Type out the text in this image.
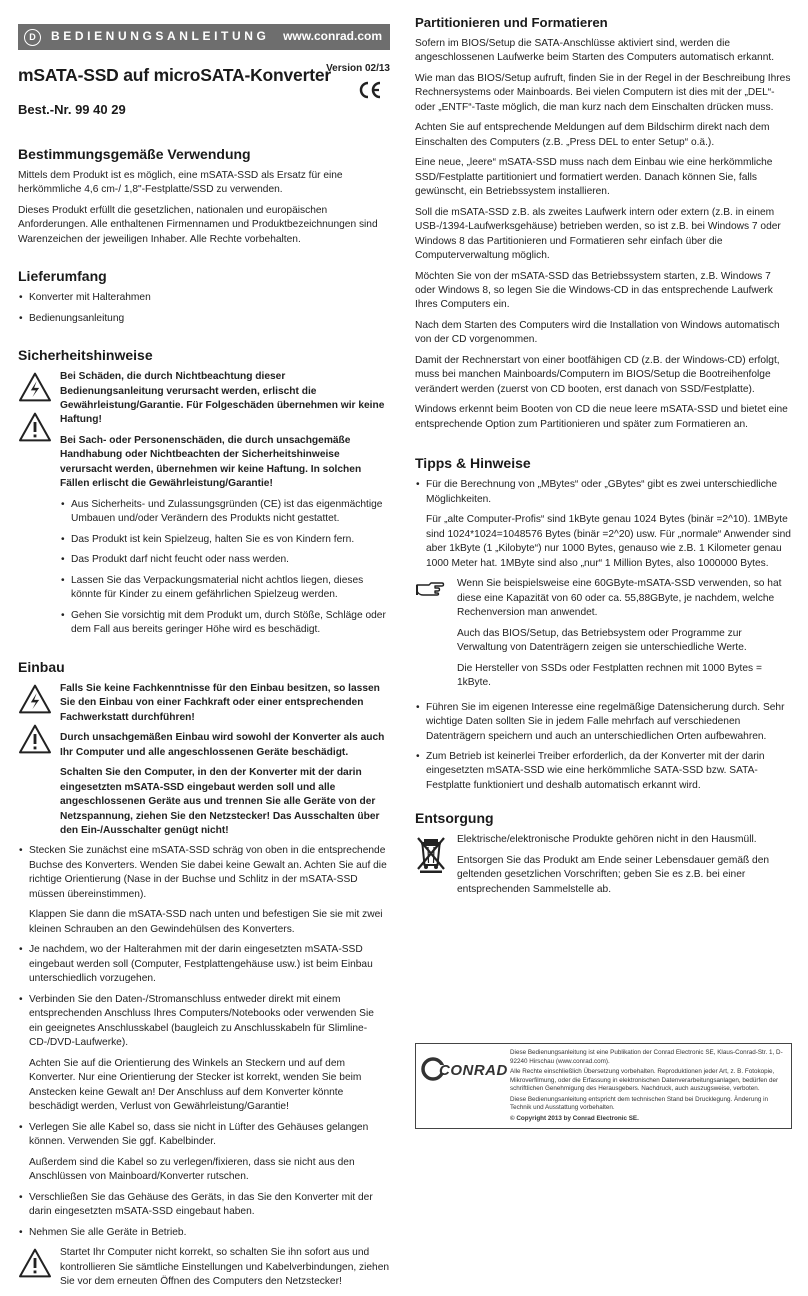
D	BEDIENUNGSANLEITUNG	www.conrad.com
mSATA-SSD auf microSATA-Konverter
Best.-Nr. 99 40 29
Version 02/13
Bestimmungsgemäße Verwendung

Mittels dem Produkt ist es möglich, eine mSATA-SSD als Ersatz für eine herkömmliche 4,6 cm-/ 1,8"-Festplatte/SSD zu verwenden.

Dieses Produkt erfüllt die gesetzlichen, nationalen und europäischen Anforderungen. Alle enthaltenen Firmennamen und Produktbezeichnungen sind Warenzeichen der jeweiligen Inhaber. Alle Rechte vorbehalten.

Lieferumfang
• Konverter mit Halterahmen
• Bedienungsanleitung
Sicherheitshinweise

Bei Schäden, die durch Nichtbeachtung dieser Bedienungsanleitung verursacht werden, erlischt die Gewährleistung/Garantie. Für Folgeschäden übernehmen wir keine Haftung!

Bei Sach- oder Personenschäden, die durch unsachgemäße Handhabung oder Nichtbeachten der Sicherheitshinweise verursacht werden, übernehmen wir keine Haftung. In solchen Fällen erlischt die Gewährleistung/Garantie!

• Aus Sicherheits- und Zulassungsgründen (CE) ist das eigenmächtige Umbauen und/oder Verändern des Produkts nicht gestattet.
• Das Produkt ist kein Spielzeug, halten Sie es von Kindern fern.
• Das Produkt darf nicht feucht oder nass werden.
• Lassen Sie das Verpackungsmaterial nicht achtlos liegen, dieses könnte für Kinder zu einem gefährlichen Spielzeug werden.
• Gehen Sie vorsichtig mit dem Produkt um, durch Stöße, Schläge oder dem Fall aus bereits geringer Höhe wird es beschädigt.
Einbau

Falls Sie keine Fachkenntnisse für den Einbau besitzen, so lassen Sie den Einbau von einer Fachkraft oder einer entsprechenden Fachwerkstatt durchführen!

Durch unsachgemäßen Einbau wird sowohl der Konverter als auch Ihr Computer und alle angeschlossenen Geräte beschädigt.

Schalten Sie den Computer, in den der Konverter mit der darin eingesetzten mSATA-SSD eingebaut werden soll und alle angeschlossenen Geräte aus und trennen Sie alle Geräte von der Netzspannung, ziehen Sie den Netzstecker! Das Ausschalten über den Ein-/Ausschalter genügt nicht!

• Stecken Sie zunächst eine mSATA-SSD schräg von oben in die entsprechende Buchse des Konverters. Wenden Sie dabei keine Gewalt an. Achten Sie auf die richtige Orientierung (Nase in der Buchse und Schlitz in der mSATA-SSD müssen übereinstimmen).
Klappen Sie dann die mSATA-SSD nach unten und befestigen Sie sie mit zwei kleinen Schrauben an den Gewindehülsen des Konverters.
• Je nachdem, wo der Halterahmen mit der darin eingesetzten mSATA-SSD eingebaut werden soll (Computer, Festplattengehäuse usw.) ist beim Einbau unterschiedlich vorzugehen.
• Verbinden Sie den Daten-/Stromanschluss entweder direkt mit einem entsprechenden Anschluss Ihres Computers/Notebooks oder verwenden Sie ein geeignetes Anschlusskabel (baugleich zu Anschlusskabeln für Slimline-CD-/DVD-Laufwerke).
Achten Sie auf die Orientierung des Winkels an Steckern und auf dem Konverter. Nur eine Orientierung der Stecker ist korrekt, wenden Sie beim Anstecken keine Gewalt an! Der Anschluss auf dem Konverter könnte beschädigt werden, Verlust von Gewährleistung/Garantie!
• Verlegen Sie alle Kabel so, dass sie nicht in Lüfter des Gehäuses gelangen können. Verwenden Sie ggf. Kabelbinder.
Außerdem sind die Kabel so zu verlegen/fixieren, dass sie nicht aus den Anschlüssen von Mainboard/Konverter rutschen.
• Verschließen Sie das Gehäuse des Geräts, in das Sie den Konverter mit der darin eingesetzten mSATA-SSD eingebaut haben.
• Nehmen Sie alle Geräte in Betrieb.

Startet Ihr Computer nicht korrekt, so schalten Sie ihn sofort aus und kontrollieren Sie sämtliche Einstellungen und Kabelverbindungen, ziehen Sie vor dem erneuten Öffnen des Computers den Netzstecker!

Partitionieren und Formatieren

Sofern im BIOS/Setup die SATA-Anschlüsse aktiviert sind, werden die angeschlossenen Laufwerke beim Starten des Computers automatisch erkannt.

Wie man das BIOS/Setup aufruft, finden Sie in der Regel in der Beschreibung Ihres Rechnersystems oder Mainboards. Bei vielen Computern ist dies mit der „DEL“- oder „ENTF“-Taste möglich, die man kurz nach dem Einschalten drücken muss.

Achten Sie auf entsprechende Meldungen auf dem Bildschirm direkt nach dem Einschalten des Computers (z.B. „Press DEL to enter Setup“ o.ä.).

Eine neue, „leere“ mSATA-SSD muss nach dem Einbau wie eine herkömmliche SSD/Festplatte partitioniert und formatiert werden. Danach können Sie, falls gewünscht, ein Betriebssystem installieren.

Soll die mSATA-SSD z.B. als zweites Laufwerk intern oder extern (z.B. in einem USB-/1394-Laufwerksgehäuse) betrieben werden, so ist z.B. bei Windows 7 oder Windows 8 das Partitionieren und Formatieren sehr einfach über die Computerverwaltung möglich.

Möchten Sie von der mSATA-SSD das Betriebssystem starten, z.B. Windows 7 oder Windows 8, so legen Sie die Windows-CD in das entsprechende Laufwerk Ihres Computers ein.

Nach dem Starten des Computers wird die Installation von Windows automatisch von der CD vorgenommen.

Damit der Rechnerstart von einer bootfähigen CD (z.B. der Windows-CD) erfolgt, muss bei manchen Mainboards/Computern im BIOS/Setup die Bootreihenfolge verändert werden (zuerst von CD booten, erst danach von SSD/Festplatte).

Windows erkennt beim Booten von CD die neue leere mSATA-SSD und bietet eine entsprechende Option zum Partitionieren und später zum Formatieren an.

Tipps & Hinweise
• Für die Berechnung von „MBytes“ oder „GBytes“ gibt es zwei unterschiedliche Möglichkeiten.
Für „alte Computer-Profis“ sind 1kByte genau 1024 Bytes (binär =2^10). 1MByte sind 1024*1024=1048576 Bytes (binär =2^20) usw. Für „normale“ Anwender sind aber 1kByte (1 „Kilobyte“) nur 1000 Bytes, genauso wie z.B. 1 Kilometer genau 1000 Meter hat. 1MByte sind also „nur“ 1 Million Bytes, also 1000000 Bytes.

Wenn Sie beispielsweise eine 60GByte-mSATA-SSD verwenden, so hat diese eine Kapazität von 60 oder ca. 55,88GByte, je nachdem, welche Rechenversion man anwendet.

Auch das BIOS/Setup, das Betriebsystem oder Programme zur Verwaltung von Datenträgern zeigen sie unterschiedliche Werte.

Die Hersteller von SSDs oder Festplatten rechnen mit 1000 Bytes = 1kByte.

• Führen Sie im eigenen Interesse eine regelmäßige Datensicherung durch. Sehr wichtige Daten sollten Sie in jedem Falle mehrfach auf verschiedenen Datenträgern speichern und auch an unterschiedlichen Orten aufbewahren.
• Zum Betrieb ist keinerlei Treiber erforderlich, da der Konverter mit der darin eingesetzten mSATA-SSD wie eine herkömmliche SATA-SSD bzw. SATA-Festplatte funktioniert und deshalb automatisch erkannt wird.
Entsorgung

Elektrische/elektronische Produkte gehören nicht in den Hausmüll.

Entsorgen Sie das Produkt am Ende seiner Lebensdauer gemäß den geltenden gesetzlichen Vorschriften; geben Sie es z.B. bei einer entsprechenden Sammelstelle ab.

CONRAD

Diese Bedienungsanleitung ist eine Publikation der Conrad Electronic SE, Klaus-Conrad-Str. 1, D-92240 Hirschau (www.conrad.com).

Alle Rechte einschließlich Übersetzung vorbehalten. Reproduktionen jeder Art, z. B. Fotokopie, Mikroverfilmung, oder die Erfassung in elektronischen Datenverarbeitungsanlagen, bedürfen der schriftlichen Genehmigung des Herausgebers. Nachdruck, auch auszugsweise, verboten.

Diese Bedienungsanleitung entspricht dem technischen Stand bei Drucklegung. Änderung in Technik und Ausstattung vorbehalten.

© Copyright 2013 by Conrad Electronic SE.
